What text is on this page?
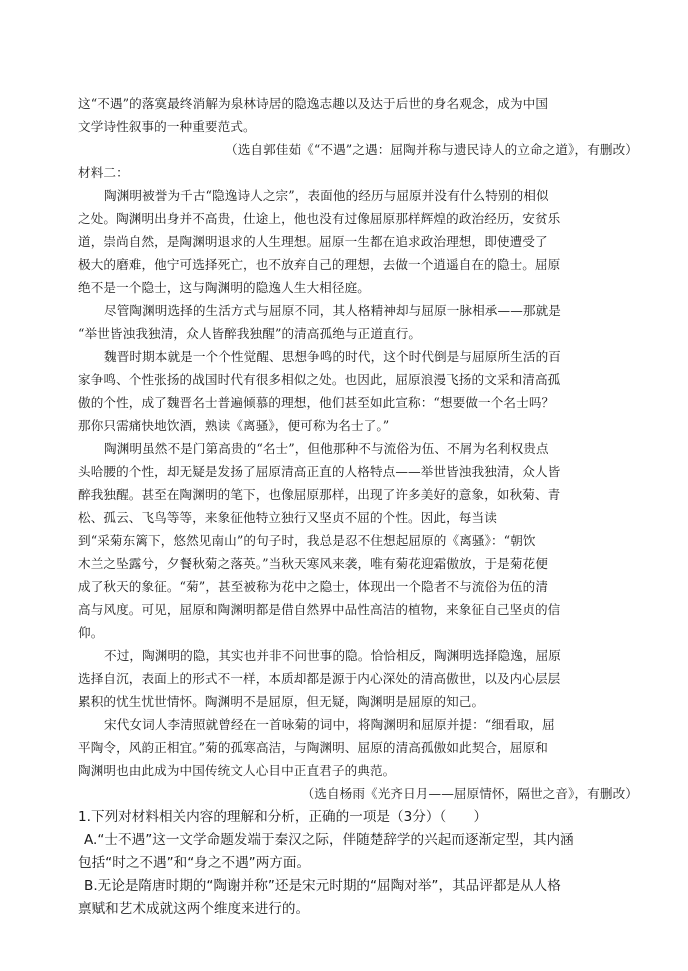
这“不遇”的落寞最终消解为泉林诗居的隐逸志趣以及达于后世的身名观念，成为中国
文学诗性叙事的一种重要范式。
（选自郭佳茹《“不遇”之遇：屈陶并称与遗民诗人的立命之道》，有删改）
材料二：
陶渊明被誉为千古“隐逸诗人之宗”，表面他的经历与屈原并没有什么特别的相似
之处。陶渊明出身并不高贵，仕途上，他也没有过像屈原那样辉煌的政治经历，安贫乐
道，崇尚自然，是陶渊明退求的人生理想。屈原一生都在追求政治理想，即使遭受了
极大的磨难，他宁可选择死亡，也不放弃自己的理想，去做一个逍遥自在的隐士。屈原
绝不是一个隐士，这与陶渊明的隐逸人生大相径庭。
尽管陶渊明选择的生活方式与屈原不同，其人格精神却与屈原一脉相承——那就是
“举世皆浊我独清，众人皆醉我独醒”的清高孤绝与正道直行。
魏晋时期本就是一个个性觉醒、思想争鸣的时代，这个时代倒是与屈原所生活的百
家争鸣、个性张扬的战国时代有很多相似之处。也因此，屈原浪漫飞扬的文采和清高孤
傲的个性，成了魏晋名士普遍倾慕的理想，他们甚至如此宣称：“想要做一个名士吗？
那你只需痛快地饮酒，熟读《离骚》，便可称为名士了。”
陶渊明虽然不是门第高贵的“名士”，但他那种不与流俗为伍、不屑为名利权贵点
头哈腰的个性，却无疑是发扬了屈原清高正直的人格特点——举世皆浊我独清，众人皆
醉我独醒。甚至在陶渊明的笔下，也像屈原那样，出现了许多美好的意象，如秋菊、青
松、孤云、飞鸟等等，来象征他特立独行又坚贞不屈的个性。因此，每当读
到“采菊东篱下，悠然见南山”的句子时，我总是忍不住想起屈原的《离骚》：“朝饮
木兰之坠露兮，夕餐秋菊之落英。”当秋天寒风来袭，唯有菊花迎霜傲放，于是菊花便
成了秋天的象征。“菊”，甚至被称为花中之隐士，体现出一个隐者不与流俗为伍的清
高与风度。可见，屈原和陶渊明都是借自然界中品性高洁的植物，来象征自己坚贞的信
仰。
不过，陶渊明的隐，其实也并非不问世事的隐。恰恰相反，陶渊明选择隐逸，屈原
选择自沉，表面上的形式不一样，本质却都是源于内心深处的清高傲世，以及内心层层
累积的忧生忧世情怀。陶渊明不是屈原，但无疑，陶渊明是屈原的知己。
宋代女词人李清照就曾经在一首咏菊的词中，将陶渊明和屈原并提：“细看取，屈
平陶令，风韵正相宜。”菊的孤寒高洁，与陶渊明、屈原的清高孤傲如此契合，屈原和
陶渊明也由此成为中国传统文人心目中正直君子的典范。
（选自杨雨《光齐日月——屈原情怀，隔世之音》，有删改）
1.下列对材料相关内容的理解和分析，正确的一项是（3分）（　　）
A.“士不遇”这一文学命题发端于秦汉之际，伴随楚辞学的兴起而逐渐定型，其内涵
包括“时之不遇”和“身之不遇”两方面。
B.无论是隋唐时期的“陶谢并称”还是宋元时期的“屈陶对举”，其品评都是从人格
禀赋和艺术成就这两个维度来进行的。
